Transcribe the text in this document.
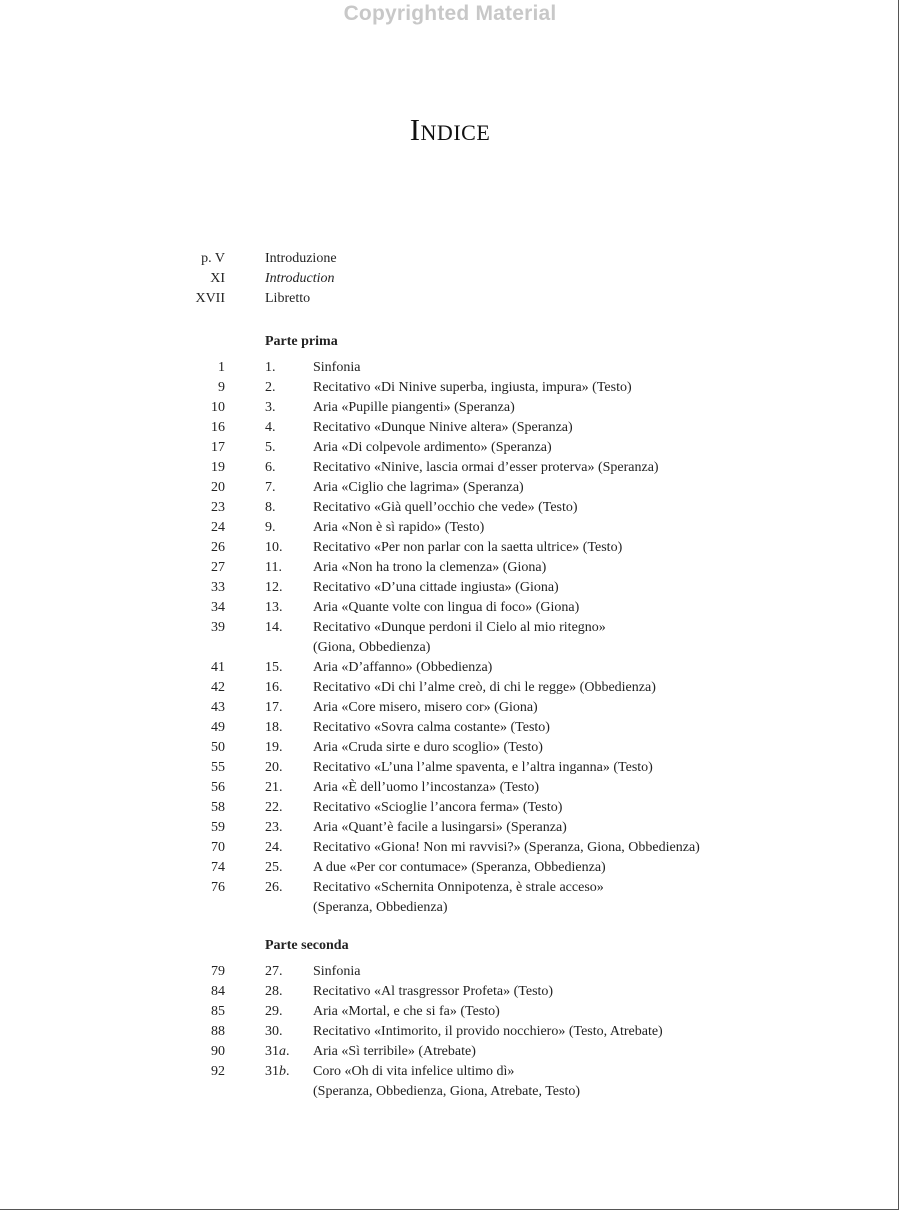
Copyrighted Material
Indice
p. V	Introduzione
XI	Introduction
XVII	Libretto
Parte prima
1	1.	Sinfonia
9	2.	Recitativo «Di Ninive superba, ingiusta, impura» (Testo)
10	3.	Aria «Pupille piangenti» (Speranza)
16	4.	Recitativo «Dunque Ninive altera» (Speranza)
17	5.	Aria «Di colpevole ardimento» (Speranza)
19	6.	Recitativo «Ninive, lascia ormai d’esser proterva» (Speranza)
20	7.	Aria «Ciglio che lagrima» (Speranza)
23	8.	Recitativo «Già quell’occhio che vede» (Testo)
24	9.	Aria «Non è sì rapido» (Testo)
26	10. Recitativo «Per non parlar con la saetta ultrice» (Testo)
27	11. Aria «Non ha trono la clemenza» (Giona)
33	12. Recitativo «D’una cittade ingiusta» (Giona)
34	13. Aria «Quante volte con lingua di foco» (Giona)
39	14. Recitativo «Dunque perdoni il Cielo al mio ritegno»
(Giona, Obbedienza)
41	15. Aria «D’affanno» (Obbedienza)
42	16. Recitativo «Di chi l’alme creò, di chi le regge» (Obbedienza)
43	17. Aria «Core misero, misero cor» (Giona)
49	18. Recitativo «Sovra calma costante» (Testo)
50	19. Aria «Cruda sirte e duro scoglio» (Testo)
55	20. Recitativo «L’una l’alme spaventa, e l’altra inganna» (Testo)
56	21. Aria «È dell’uomo l’incostanza» (Testo)
58	22. Recitativo «Scioglie l’ancora ferma» (Testo)
59	23. Aria «Quant’è facile a lusingarsi» (Speranza)
70	24. Recitativo «Giona! Non mi ravvisi?» (Speranza, Giona, Obbedienza)
74	25. A due «Per cor contumace» (Speranza, Obbedienza)
76	26. Recitativo «Schernita Onnipotenza, è strale acceso»
(Speranza, Obbedienza)
Parte seconda
79	27. Sinfonia
84	28. Recitativo «Al trasgressor Profeta» (Testo)
85	29. Aria «Mortal, e che si fa» (Testo)
88	30. Recitativo «Intimorito, il provido nocchiero» (Testo, Atrebate)
90	31a. Aria «Sì terribile» (Atrebate)
92	31b. Coro «Oh di vita infelice ultimo dì»
(Speranza, Obbedienza, Giona, Atrebate, Testo)
